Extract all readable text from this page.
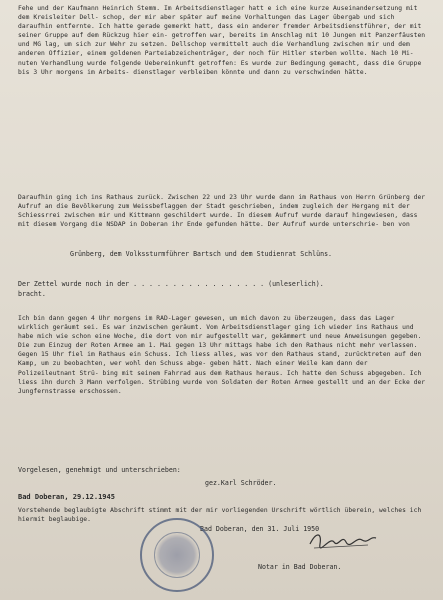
Fehe und der Kaufmann Heinrich Stemm. Im Arbeitsdienstlager hatt e ich eine kurze Auseinandersetzung mit dem Kreisleiter Dell- schop, der mir aber später auf meine Vorhaltungen das Lager übergab und sich daraufhin entfernte. Ich hatte gerade gemerkt hatt, dass ein anderer fremder Arbeitsdienstführer, der mit seiner Gruppe auf dem Rückzug hier ein- getroffen war, bereits im Anschlag mit 10 Jungen mit Panzerfäusten und MG lag, um sich zur Wehr zu setzen. Dellschop vermittelt auch die Verhandlung zwischen mir und dem anderen Offizier, einem goldenen Parteiabzeichenträger, der noch für Hitler sterben wollte. Nach 10 Mi- nuten Verhandlung wurde folgende Uebereinkunft getroffen: Es wurde zur Bedingung gemacht, dass die Gruppe bis 3 Uhr morgens im Arbeits- dienstlager verbleiben könnte und dann zu verschwinden hätte.
Daraufhin ging ich ins Rathaus zurück. Zwischen 22 und 23 Uhr wurde dann im Rathaus von Herrn Grünberg der Aufruf an die Bevölkerung zum Weissbeflaggen der Stadt geschrieben, indem zugleich der Hergang mit der Schiessrrei zwischen mir und Kittmann geschildert wurde. In diesem Aufruf wurde darauf hingewiesen, dass mit diesem Vorgang die NSDAP in Doberan ihr Ende gefunden hätte. Der Aufruf wurde unterschrie- ben von
Grünberg, dem Volkssturmführer Bartsch und dem Studienrat Schlüns.
Der Zettel wurde noch in der . . . . . . . . . . . . . . . . . (unleserlich).
bracht.
Ich bin dann gegen 4 Uhr morgens im RAD-Lager gewesen, um mich davon zu überzeugen, dass das Lager wirklich geräumt sei. Es war inzwischen geräumt. Vom Arbeitsdienstlager ging ich wieder ins Rathaus und habe mich wie schon eine Woche, die dort von mir aufgestellt war, gekämmert und neue Anweisungen gegeben. Die zum Einzug der Roten Armee am 1. Mai gegen 13 Uhr mittags habe ich den Rathaus nicht mehr verlassen. Gegen 15 Uhr fiel im Rathaus ein Schuss. Ich liess alles, was vor den Rathaus stand, zurücktreten auf den Kamp, um zu beobachten, wer wohl den Schuss abge- geben hätt. Nach einer Weile kam dann der Polizeileutnant Strü- bing mit seinem Fahrrad aus dem Rathaus heraus. Ich hatte den Schuss abgegeben. Ich liess ihn durch 3 Mann verfolgen. Strübing wurde von Soldaten der Roten Armee gestellt und an der Ecke der Jungfernstrasse erschossen.
Vorgelesen, genehmigt und unterschrieben:
gez.Karl Schröder.
Bad Doberan, 29.12.1945
Vorstehende beglaubigte Abschrift stimmt mit der mir vorliegenden Urschrift wörtlich überein, welches ich hiermit beglaubige.
Bad Doberan, den 31. Juli 1950
Notar in Bad Doberan.
